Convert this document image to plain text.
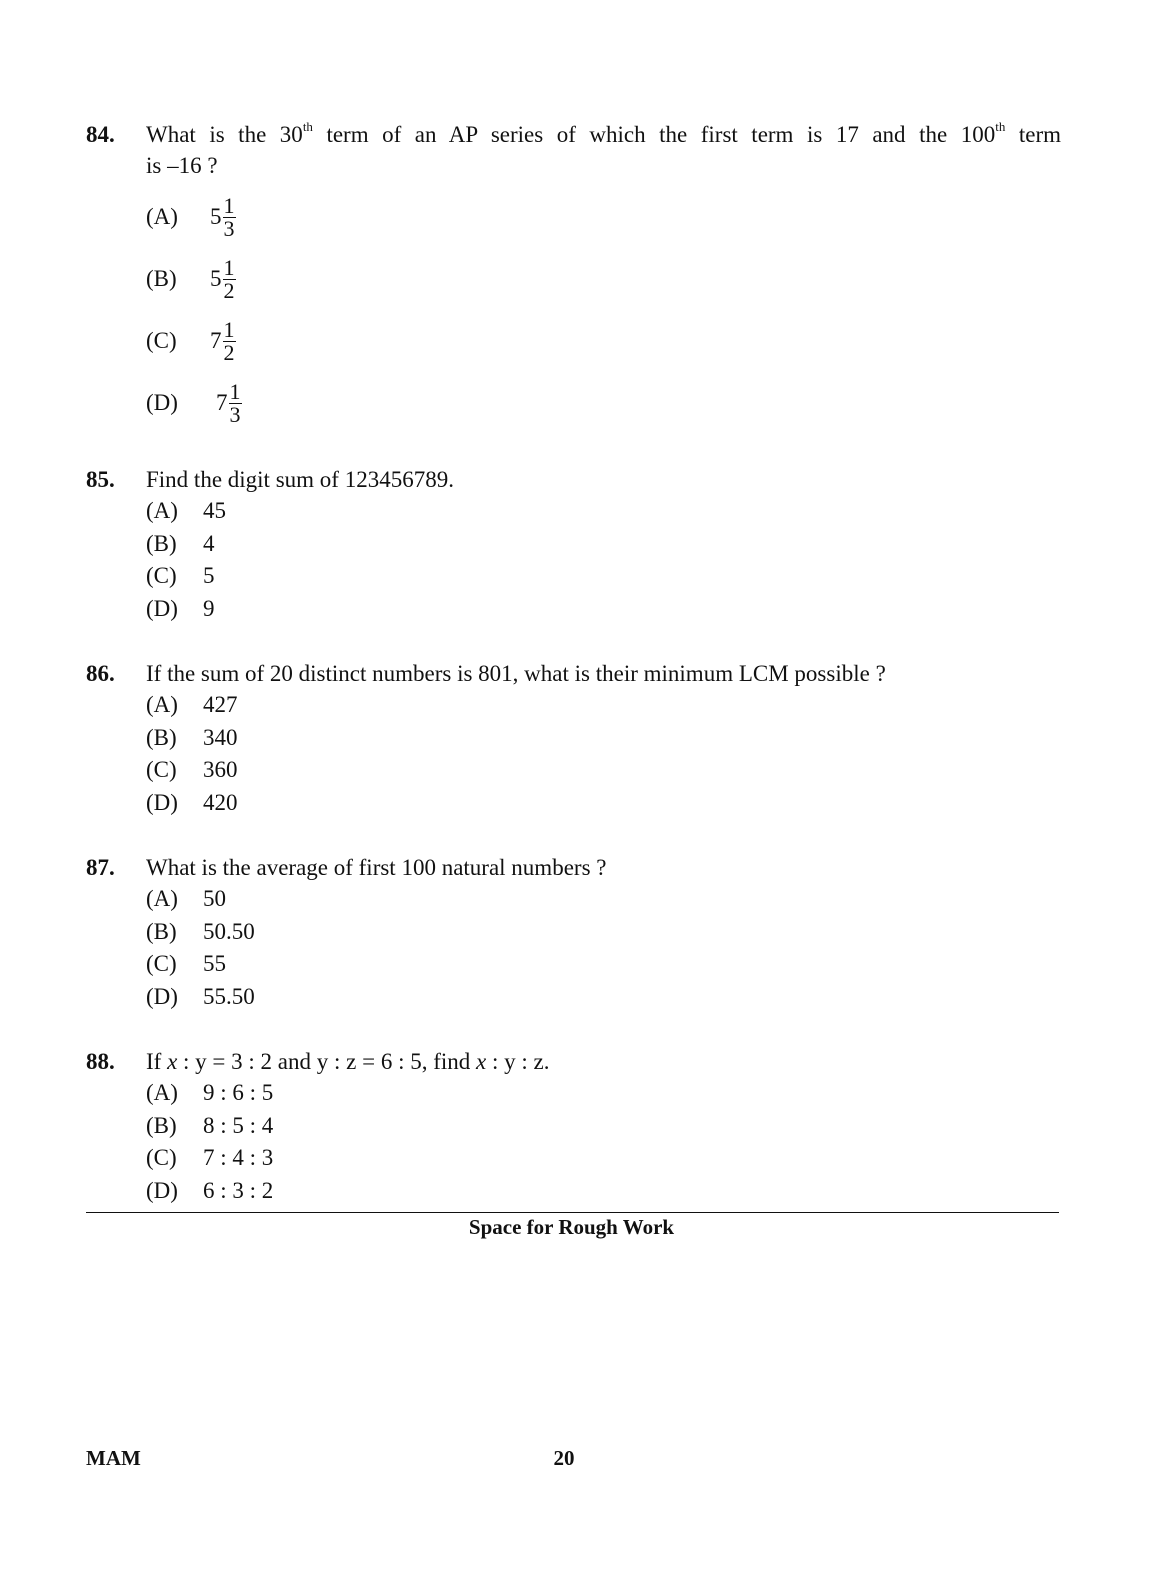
84. What is the 30th term of an AP series of which the first term is 17 and the 100th term
is –16 ?
(A)	$5 \frac{1}{3}$
(B)	$5 \frac{1}{2}$
(C)	$7 \frac{1}{2}$
(D)	$7 \frac{1}{3}$
85. Find the digit sum of 123456789.
(A)	45
(B)	4
(C)	5
(D)	9
86. If the sum of 20 distinct numbers is 801, what is their minimum LCM possible ?
(A)	427
(B)	340
(C)	360
(D)	420
87. What is the average of first 100 natural numbers ?
(A)	50
(B)	50.50
(C)	55
(D)	55.50
88. If x : y = 3 : 2 and y : z = 6 : 5, find x : y : z.
(A)	9 : 6 : 5
(B)	8 : 5 : 4
(C)	7 : 4 : 3
(D)	6 : 3 : 2
Space for Rough Work
MAM	20
